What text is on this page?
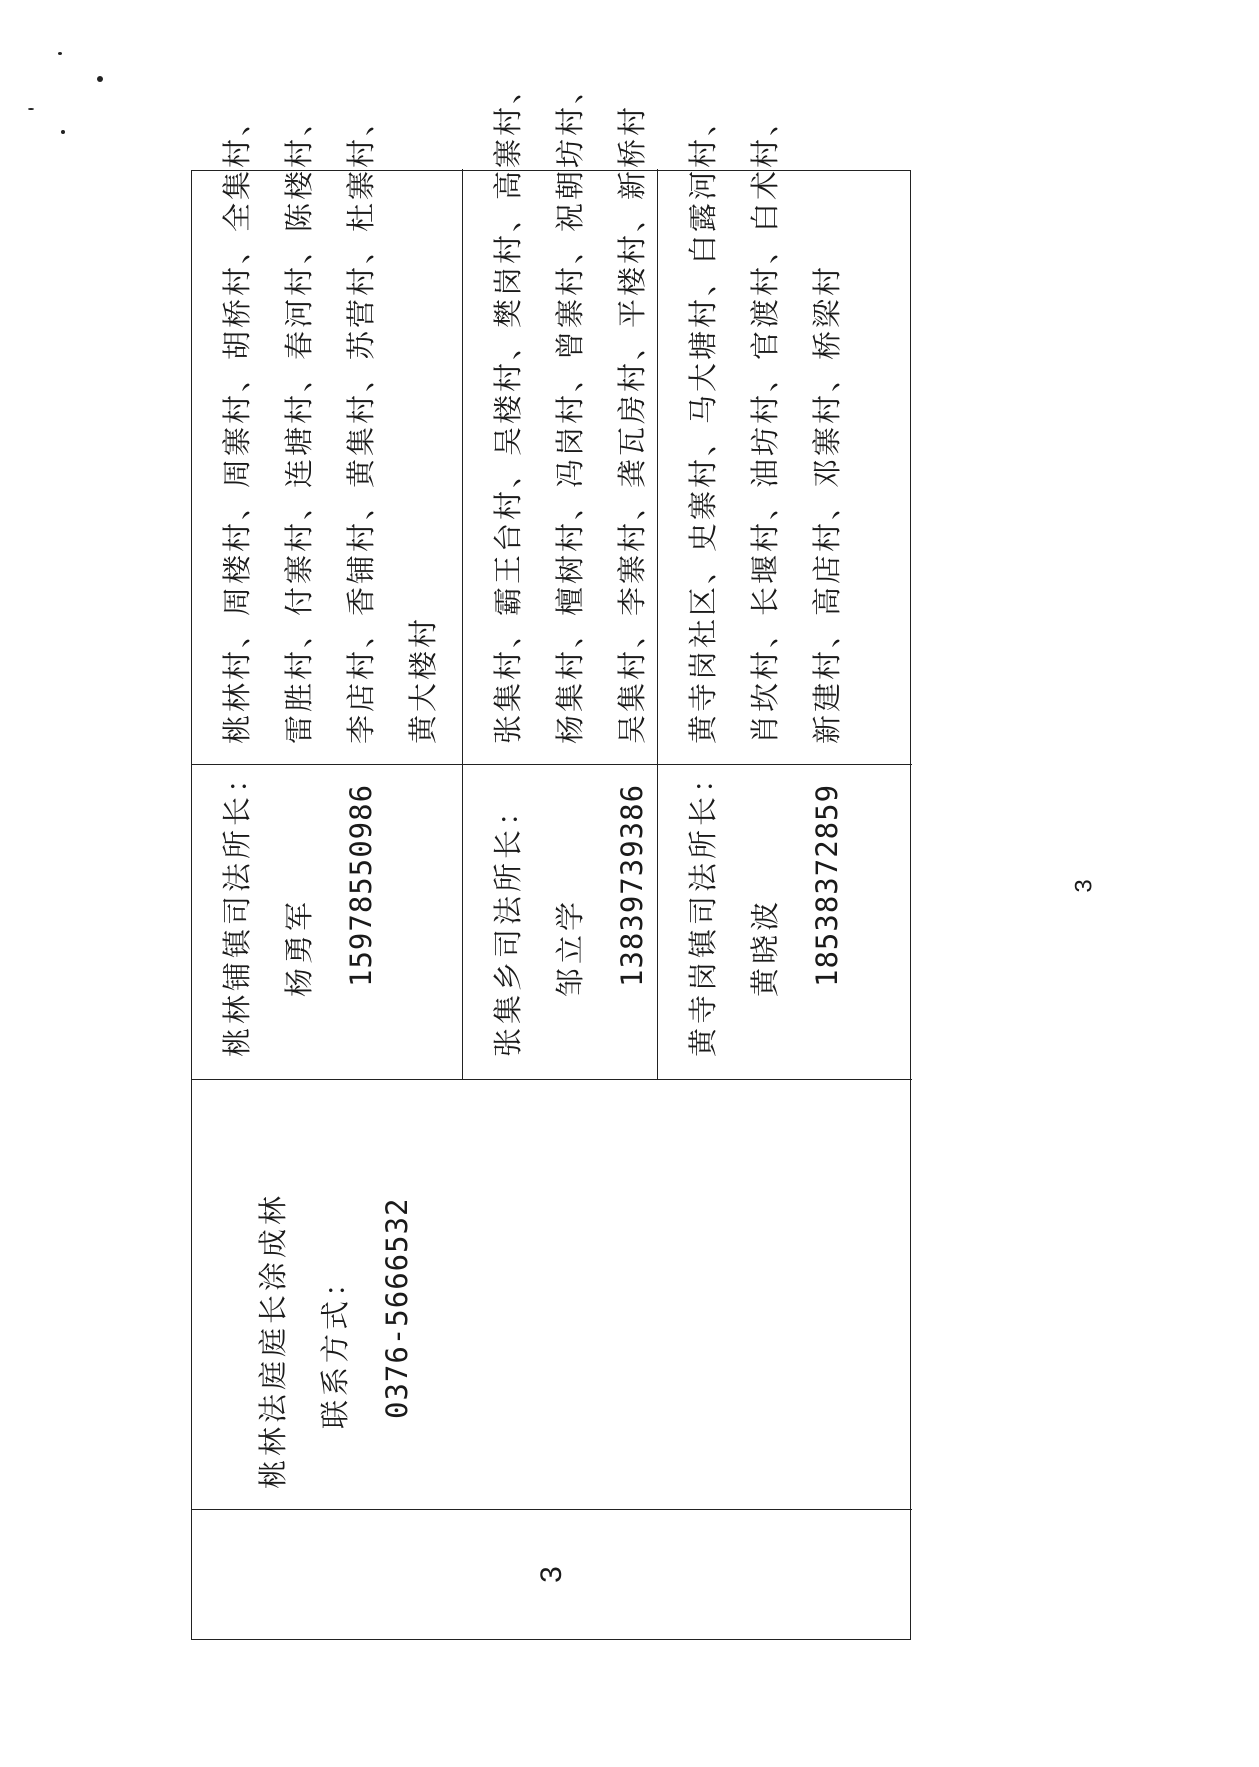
3
桃林法庭庭长涂成林 联系方式： 0376-5666532
桃林铺镇司法所长： 杨勇军 15978550986
桃林村、周楼村、周寨村、胡桥村、全集村、 雷胜村、付寨村、连塘村、春河村、陈楼村、 李店村、香铺村、黄集村、苏营村、杜寨村、 黄大楼村
张集乡司法所长： 邹立学 13839739386
张集村、霸王台村、吴楼村、樊岗村、高寨村、 杨集村、檀树村、冯岗村、曾寨村、祝朝坊村、 吴集村、李寨村、龚瓦房村、平楼村、新桥村
黄寺岗镇司法所长： 黄晓波 18538372859
黄寺岗社区、史寨村、马大塘村、白露河村、 肖坎村、长堰村、油坊村、官渡村、白术村、 新建村、高店村、邓寨村、桥梁村
3
